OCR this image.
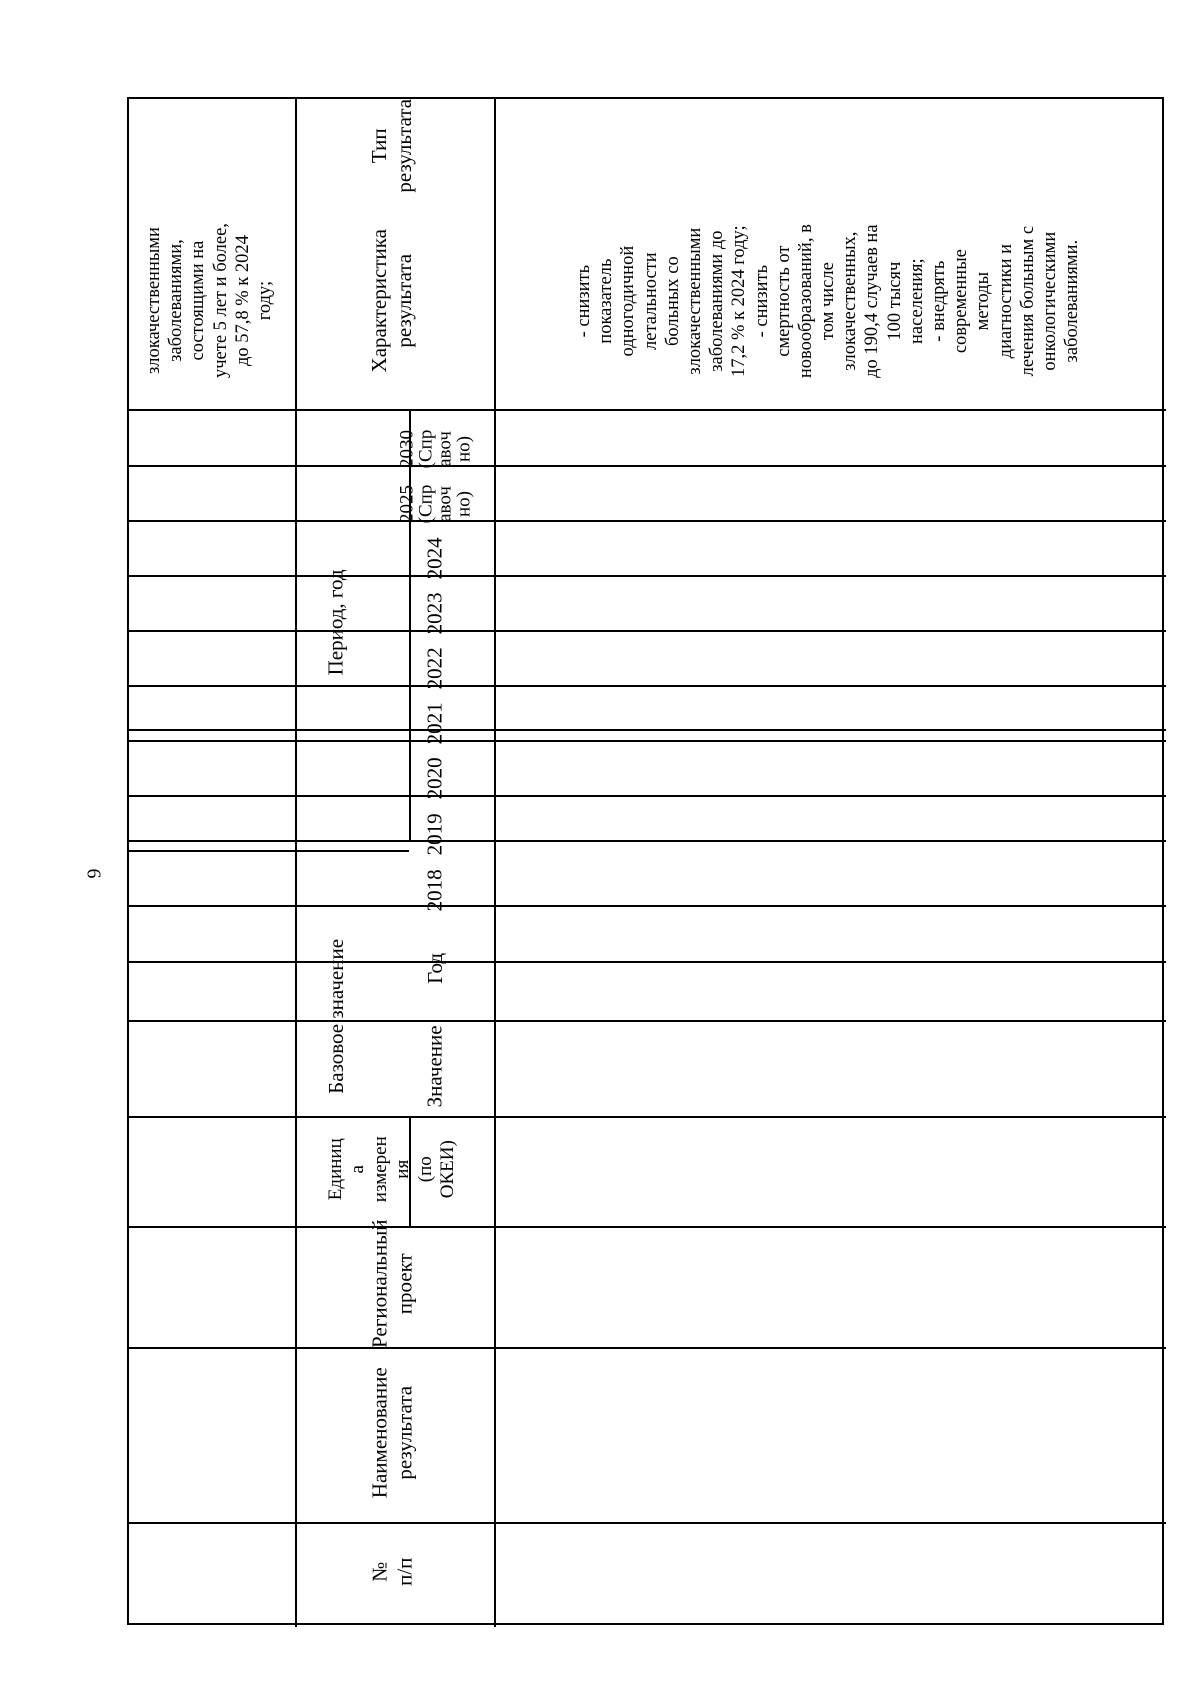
6
злокачественными
заболеваниями,
состоящими на
учете 5 лет и более,
до 57,8 % к 2024
году;
№
п/п
Наименование
результата
Региональный
проект
Единиц
а
измерен
ия
(по
ОКЕИ)
Базовое значение	Значение
Год
Период, год
2018
2019
2020
2021
2022
2023
2024
2025
(Спр
авоч
но)
2030
(Спр
авоч
но)
Характеристика
результата
Тип
результата
- снизить
показатель
одногодичной
летальности
больных со
злокачественными
заболеваниями до
17,2 % к 2024 году;
- снизить
смертность от
новообразований, в
том числе
злокачественных,
до 190,4 случаев на
100 тысяч
населения;
- внедрять
современные
методы
диагностики и
лечения больным с
онкологическими
заболеваниями.
